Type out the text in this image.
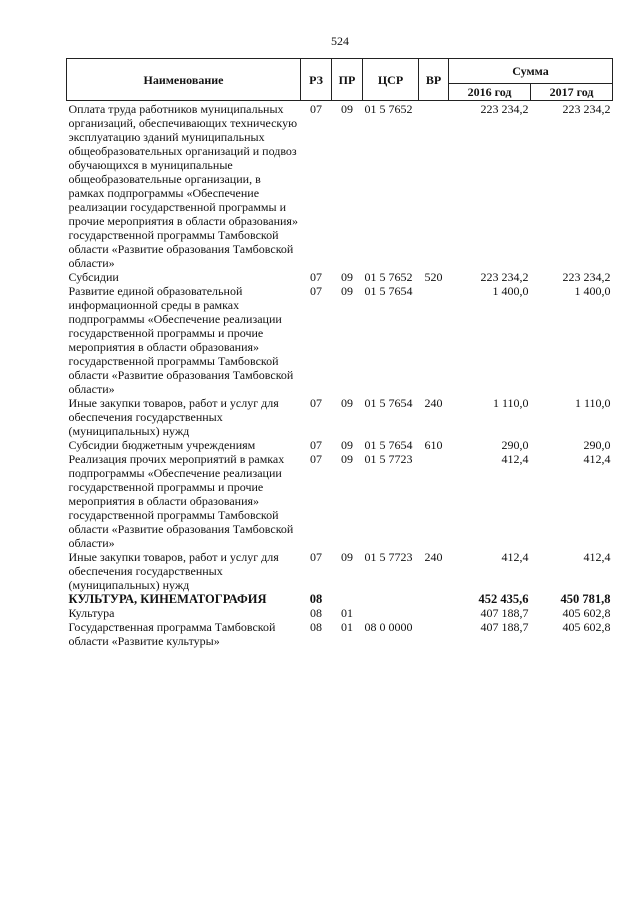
524
Наименование	РЗ	ПР	ЦСР	ВР	Сумма	
					2016 год	2017 год
Оплата труда работников муниципальных организаций, обеспечивающих техническую эксплуатацию зданий муниципальных общеобразовательных организаций и подвоз обучающихся в муниципальные общеобразовательные организации, в рамках подпрограммы «Обеспечение реализации государственной программы и прочие мероприятия в области образования» государственной программы Тамбовской области «Развитие образования Тамбовской области»	07	09	01 5 7652		223 234,2	223 234,2
Субсидии	07	09	01 5 7652	520	223 234,2	223 234,2
Развитие единой образовательной информационной среды в рамках подпрограммы «Обеспечение реализации государственной программы и прочие мероприятия в области образования» государственной программы Тамбовской области «Развитие образования Тамбовской области»	07	09	01 5 7654		1 400,0	1 400,0
Иные закупки товаров, работ и услуг для обеспечения государственных (муниципальных) нужд	07	09	01 5 7654	240	1 110,0	1 110,0
Субсидии бюджетным учреждениям	07	09	01 5 7654	610	290,0	290,0
Реализация прочих мероприятий в рамках подпрограммы «Обеспечение реализации государственной программы и прочие мероприятия в области образования» государственной программы Тамбовской области «Развитие образования Тамбовской области»	07	09	01 5 7723		412,4	412,4
Иные закупки товаров, работ и услуг для обеспечения государственных (муниципальных) нужд	07	09	01 5 7723	240	412,4	412,4
КУЛЬТУРА, КИНЕМАТОГРАФИЯ	08				452 435,6	450 781,8
Культура	08	01			407 188,7	405 602,8
Государственная программа Тамбовской области «Развитие культуры»	08	01	08 0 0000		407 188,7	405 602,8
